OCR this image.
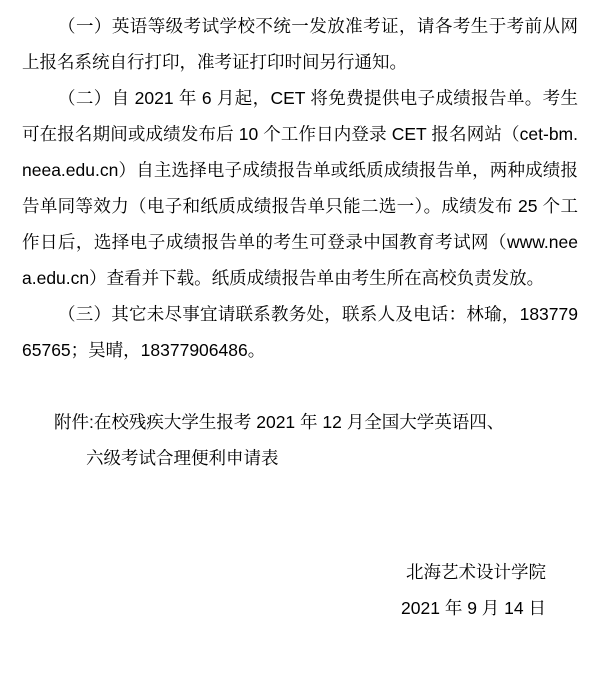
（一）英语等级考试学校不统一发放准考证，请各考生于考前从网上报名系统自行打印，准考证打印时间另行通知。

（二）自 2021 年 6 月起，CET 将免费提供电子成绩报告单。考生可在报名期间或成绩发布后 10 个工作日内登录 CET 报名网站（cet-bm.neea.edu.cn）自主选择电子成绩报告单或纸质成绩报告单，两种成绩报告单同等效力（电子和纸质成绩报告单只能二选一）。成绩发布 25 个工作日后，选择电子成绩报告单的考生可登录中国教育考试网（www.neea.edu.cn）查看并下载。纸质成绩报告单由考生所在高校负责发放。

（三）其它未尽事宜请联系教务处，联系人及电话：林瑜，18377965765；吴晴，18377906486。

附件:在校残疾大学生报考 2021 年 12 月全国大学英语四、
六级考试合理便利申请表
北海艺术设计学院
2021 年 9 月 14 日
